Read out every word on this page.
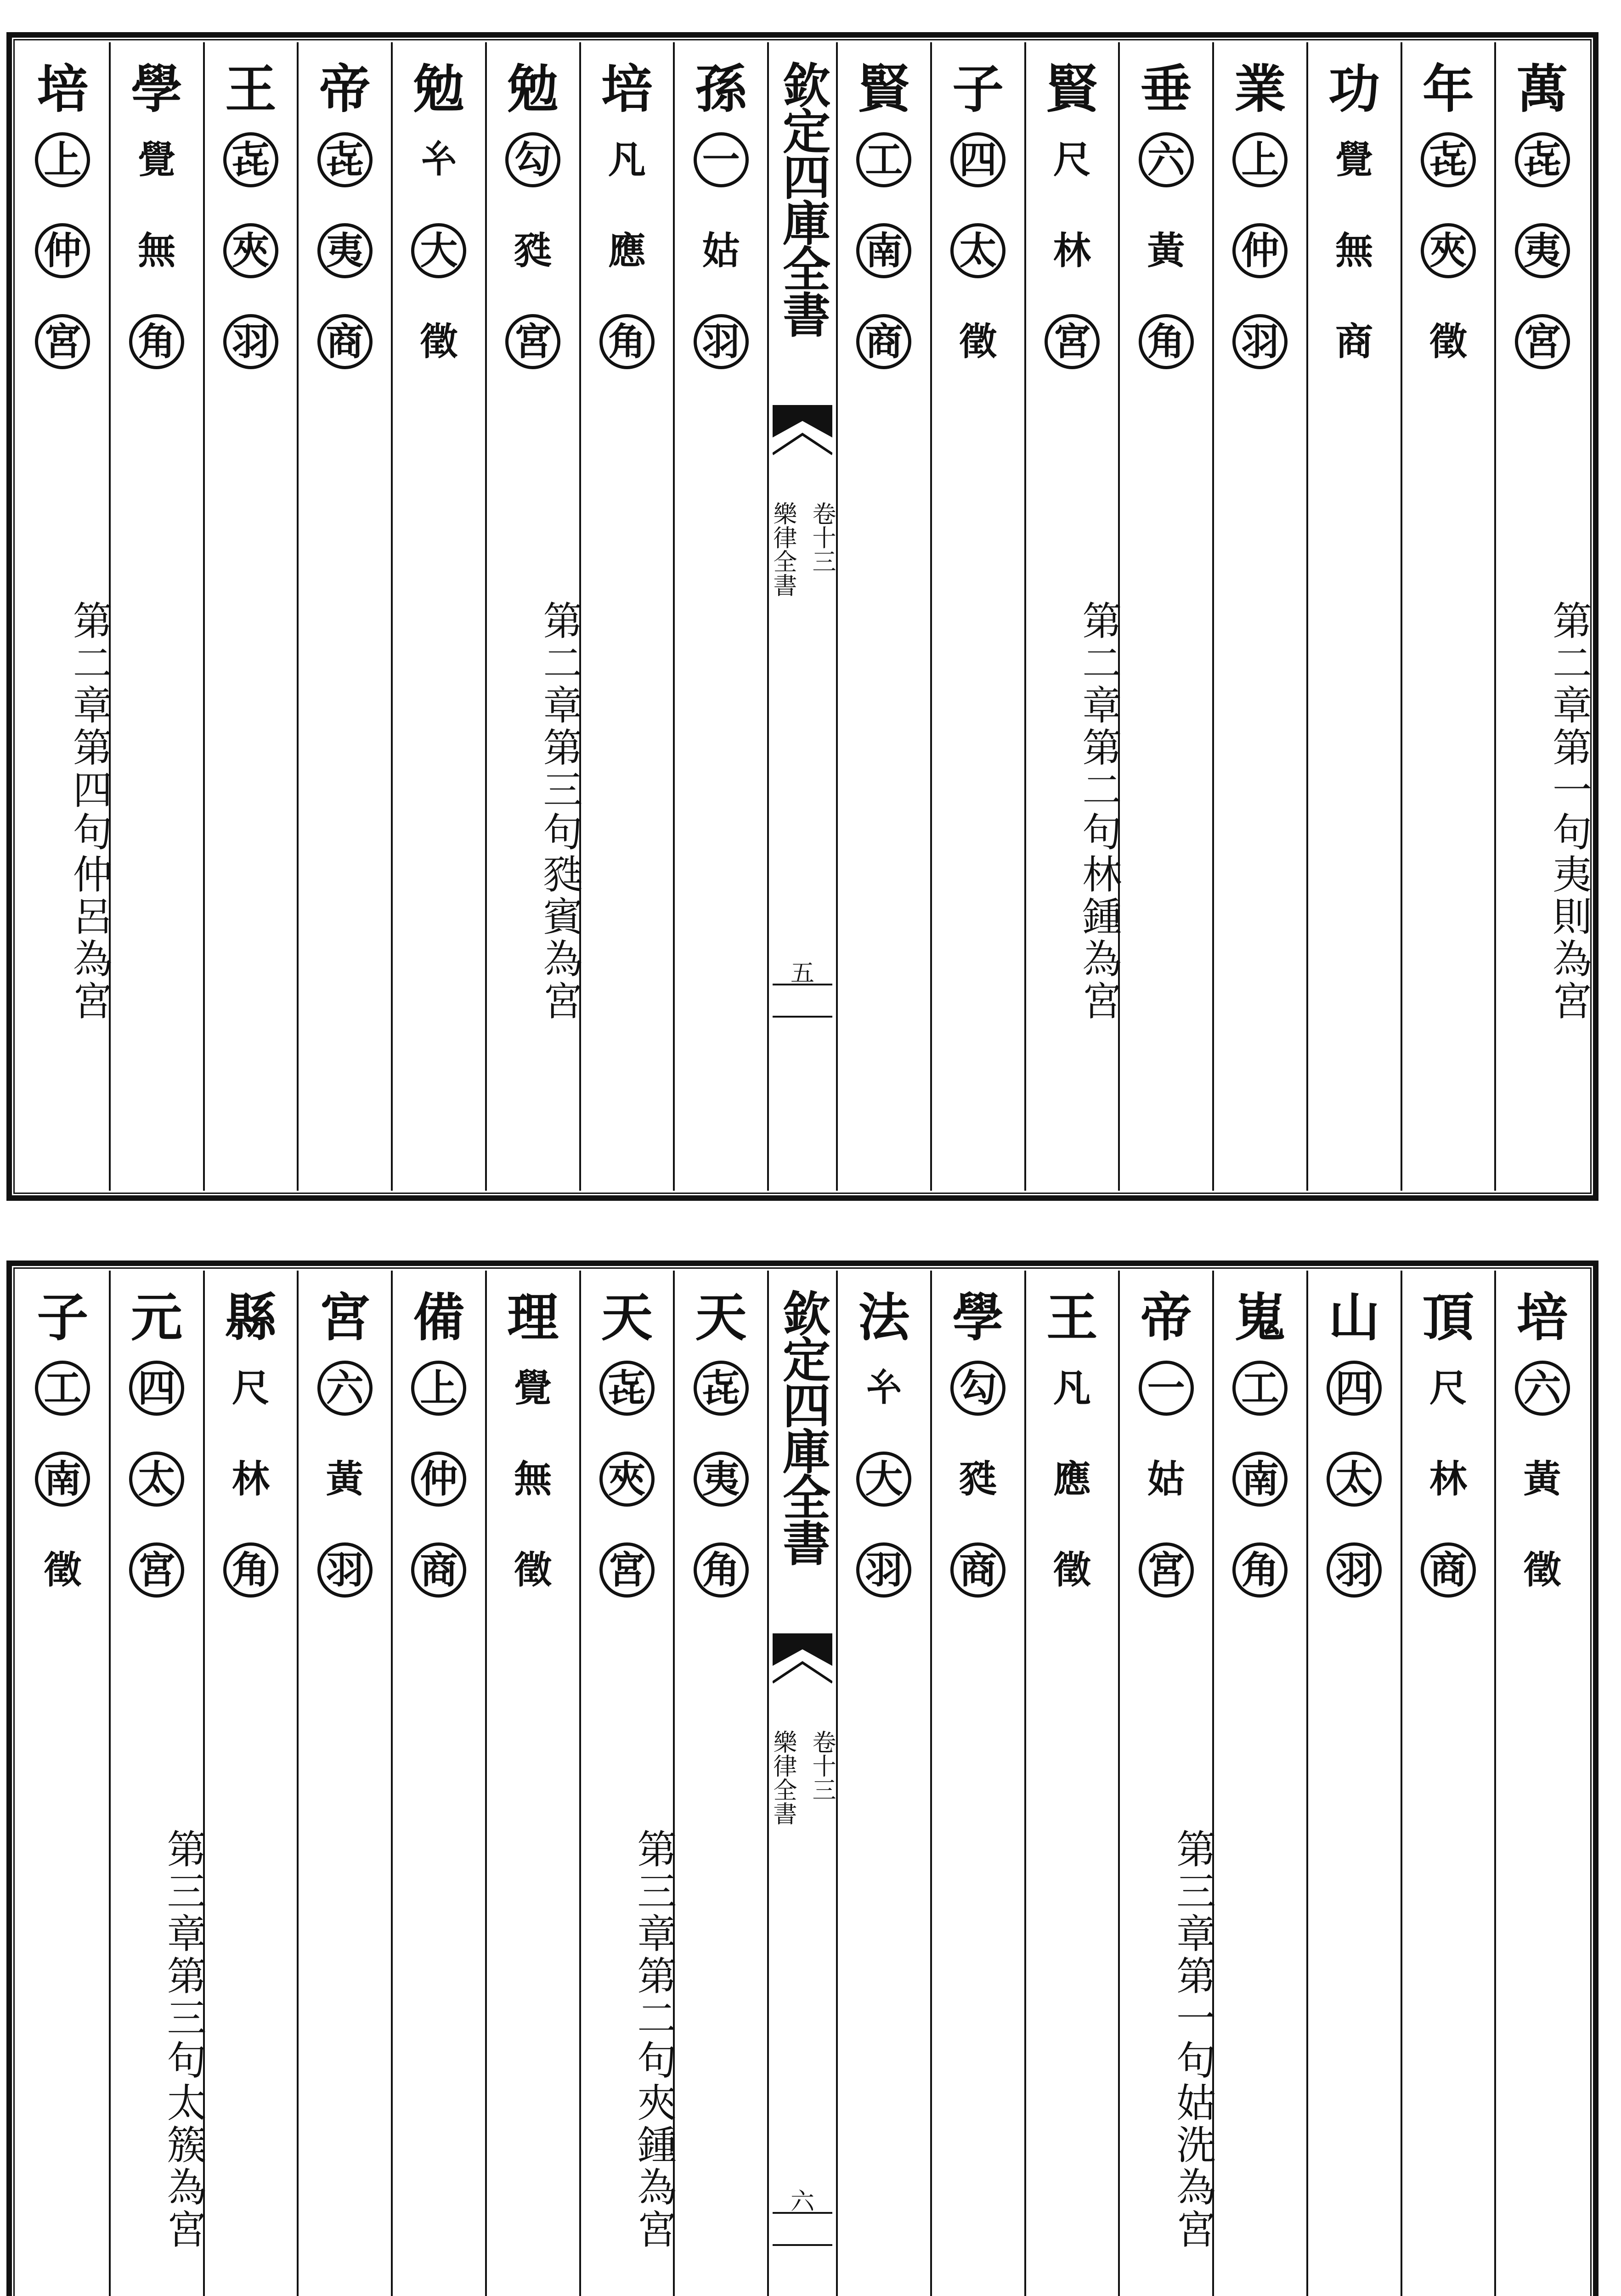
萬
㐂
夷
宮
第二章第一句夷則為宮
年
㐂
夾
徵
功
覺
無
商
業
上
仲
羽
垂
六
黃
角
賢
尺
林
宮
第二章第二句林鍾為宮
子
四
太
徵
賢
工
南
商
欽定四庫全書
樂律全書 卷十三
五
孫
一
姑
羽
培
凡
應
角
勉
勾
甤
宮
第二章第三句甤賓為宮
勉
𢆯
大
徵
帝
㐂
夷
商
王
㐂
夾
羽
學
覺
無
角
培
上
仲
宮
第二章第四句仲呂為宮
培
六
黃
徵
頂
尺
林
商
山
四
太
羽
嵬
工
南
角
帝
一
姑
宮
第三章第一句姑洗為宮
王
凡
應
徵
學
勾
甤
商
法
𢆯
大
羽
欽定四庫全書
樂律全書 卷十三
六
天
㐂
夷
角
天
㐂
夾
宮
第三章第二句夾鍾為宮
理
覺
無
徵
備
上
仲
商
宮
六
黃
羽
縣
尺
林
角
元
四
太
宮
第三章第三句太簇為宮
子
工
南
徵
